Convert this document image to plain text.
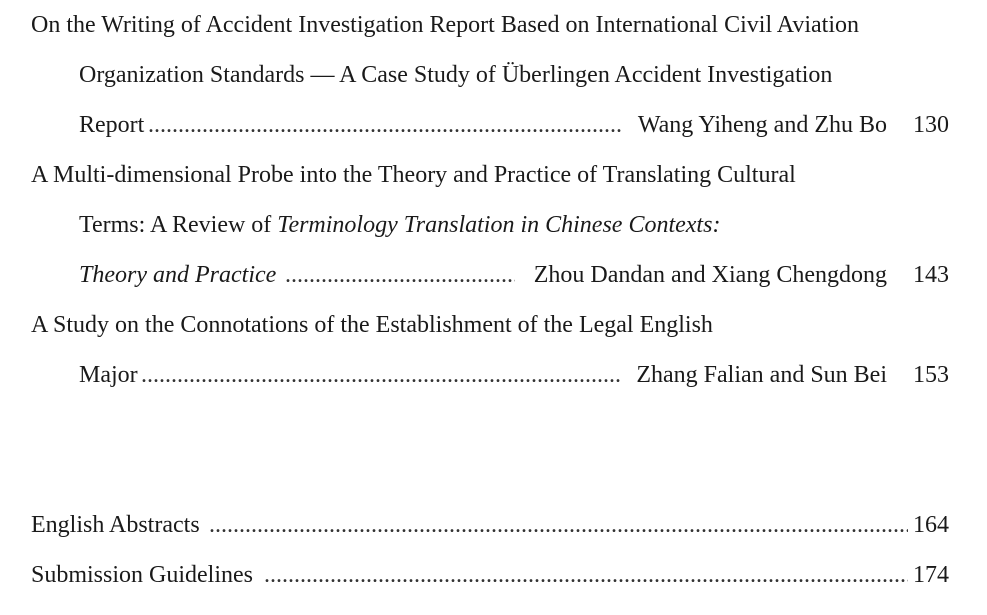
On the Writing of Accident Investigation Report Based on International Civil Aviation
Organization Standards — A Case Study of Überlingen Accident Investigation
Report .....	Wang Yiheng and Zhu Bo 130
A Multi-dimensional Probe into the Theory and Practice of Translating Cultural
Terms: A Review of Terminology Translation in Chinese Contexts:
Theory and Practice .....	Zhou Dandan and Xiang Chengdong 143
A Study on the Connotations of the Establishment of the Legal English
Major .....	Zhang Falian and Sun Bei 153
English Abstracts .....	164
Submission Guidelines .....	174
